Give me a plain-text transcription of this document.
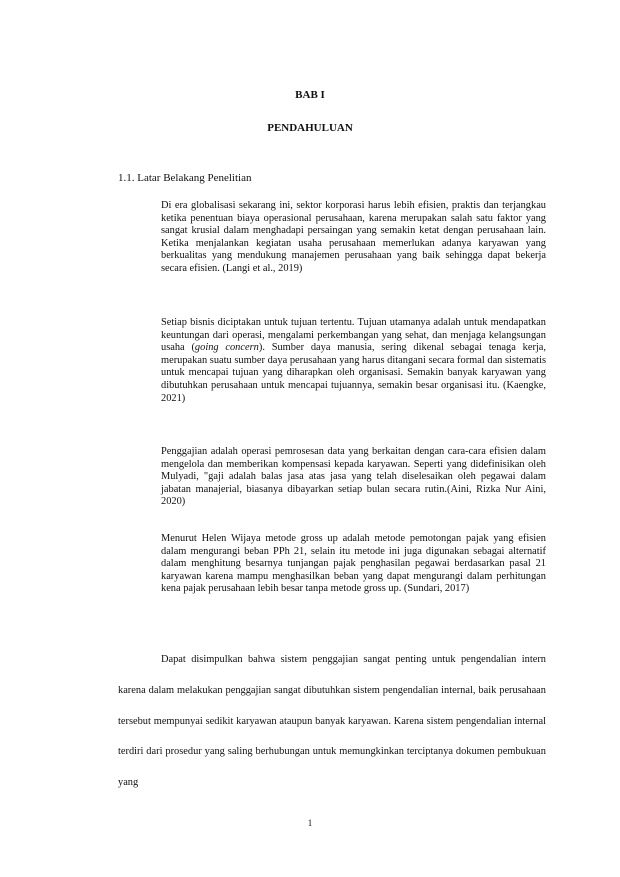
BAB I
PENDAHULUAN
1.1. Latar Belakang Penelitian

Di era globalisasi sekarang ini, sektor korporasi harus lebih efisien, praktis dan terjangkau ketika penentuan biaya operasional perusahaan, karena merupakan salah satu faktor yang sangat krusial dalam menghadapi persaingan yang semakin ketat dengan perusahaan lain. Ketika menjalankan kegiatan usaha perusahaan memerlukan adanya karyawan yang berkualitas yang mendukung manajemen perusahaan yang baik sehingga dapat bekerja secara efisien. (Langi et al., 2019)

Setiap bisnis diciptakan untuk tujuan tertentu. Tujuan utamanya adalah untuk mendapatkan keuntungan dari operasi, mengalami perkembangan yang sehat, dan menjaga kelangsungan usaha (going concern). Sumber daya manusia, sering dikenal sebagai tenaga kerja, merupakan suatu sumber daya perusahaan yang harus ditangani secara formal dan sistematis untuk mencapai tujuan yang diharapkan oleh organisasi. Semakin banyak karyawan yang dibutuhkan perusahaan untuk mencapai tujuannya, semakin besar organisasi itu. (Kaengke, 2021)

Penggajian adalah operasi pemrosesan data yang berkaitan dengan cara-cara efisien dalam mengelola dan memberikan kompensasi kepada karyawan. Seperti yang didefinisikan oleh Mulyadi, "gaji adalah balas jasa atas jasa yang telah diselesaikan oleh pegawai dalam jabatan manajerial, biasanya dibayarkan setiap bulan secara rutin.(Aini, Rizka Nur Aini, 2020)

Menurut Helen Wijaya metode gross up adalah metode pemotongan pajak yang efisien dalam mengurangi beban PPh 21, selain itu metode ini juga digunakan sebagai alternatif dalam menghitung besarnya tunjangan pajak penghasilan pegawai berdasarkan pasal 21 karyawan karena mampu menghasilkan beban yang dapat mengurangi dalam perhitungan kena pajak perusahaan lebih besar tanpa metode gross up. (Sundari, 2017)

Dapat disimpulkan bahwa sistem penggajian sangat penting untuk pengendalian intern karena dalam melakukan penggajian sangat dibutuhkan sistem pengendalian internal, baik perusahaan tersebut mempunyai sedikit karyawan ataupun banyak karyawan. Karena sistem pengendalian internal terdiri dari prosedur yang saling berhubungan untuk memungkinkan terciptanya dokumen pembukuan yang

1
